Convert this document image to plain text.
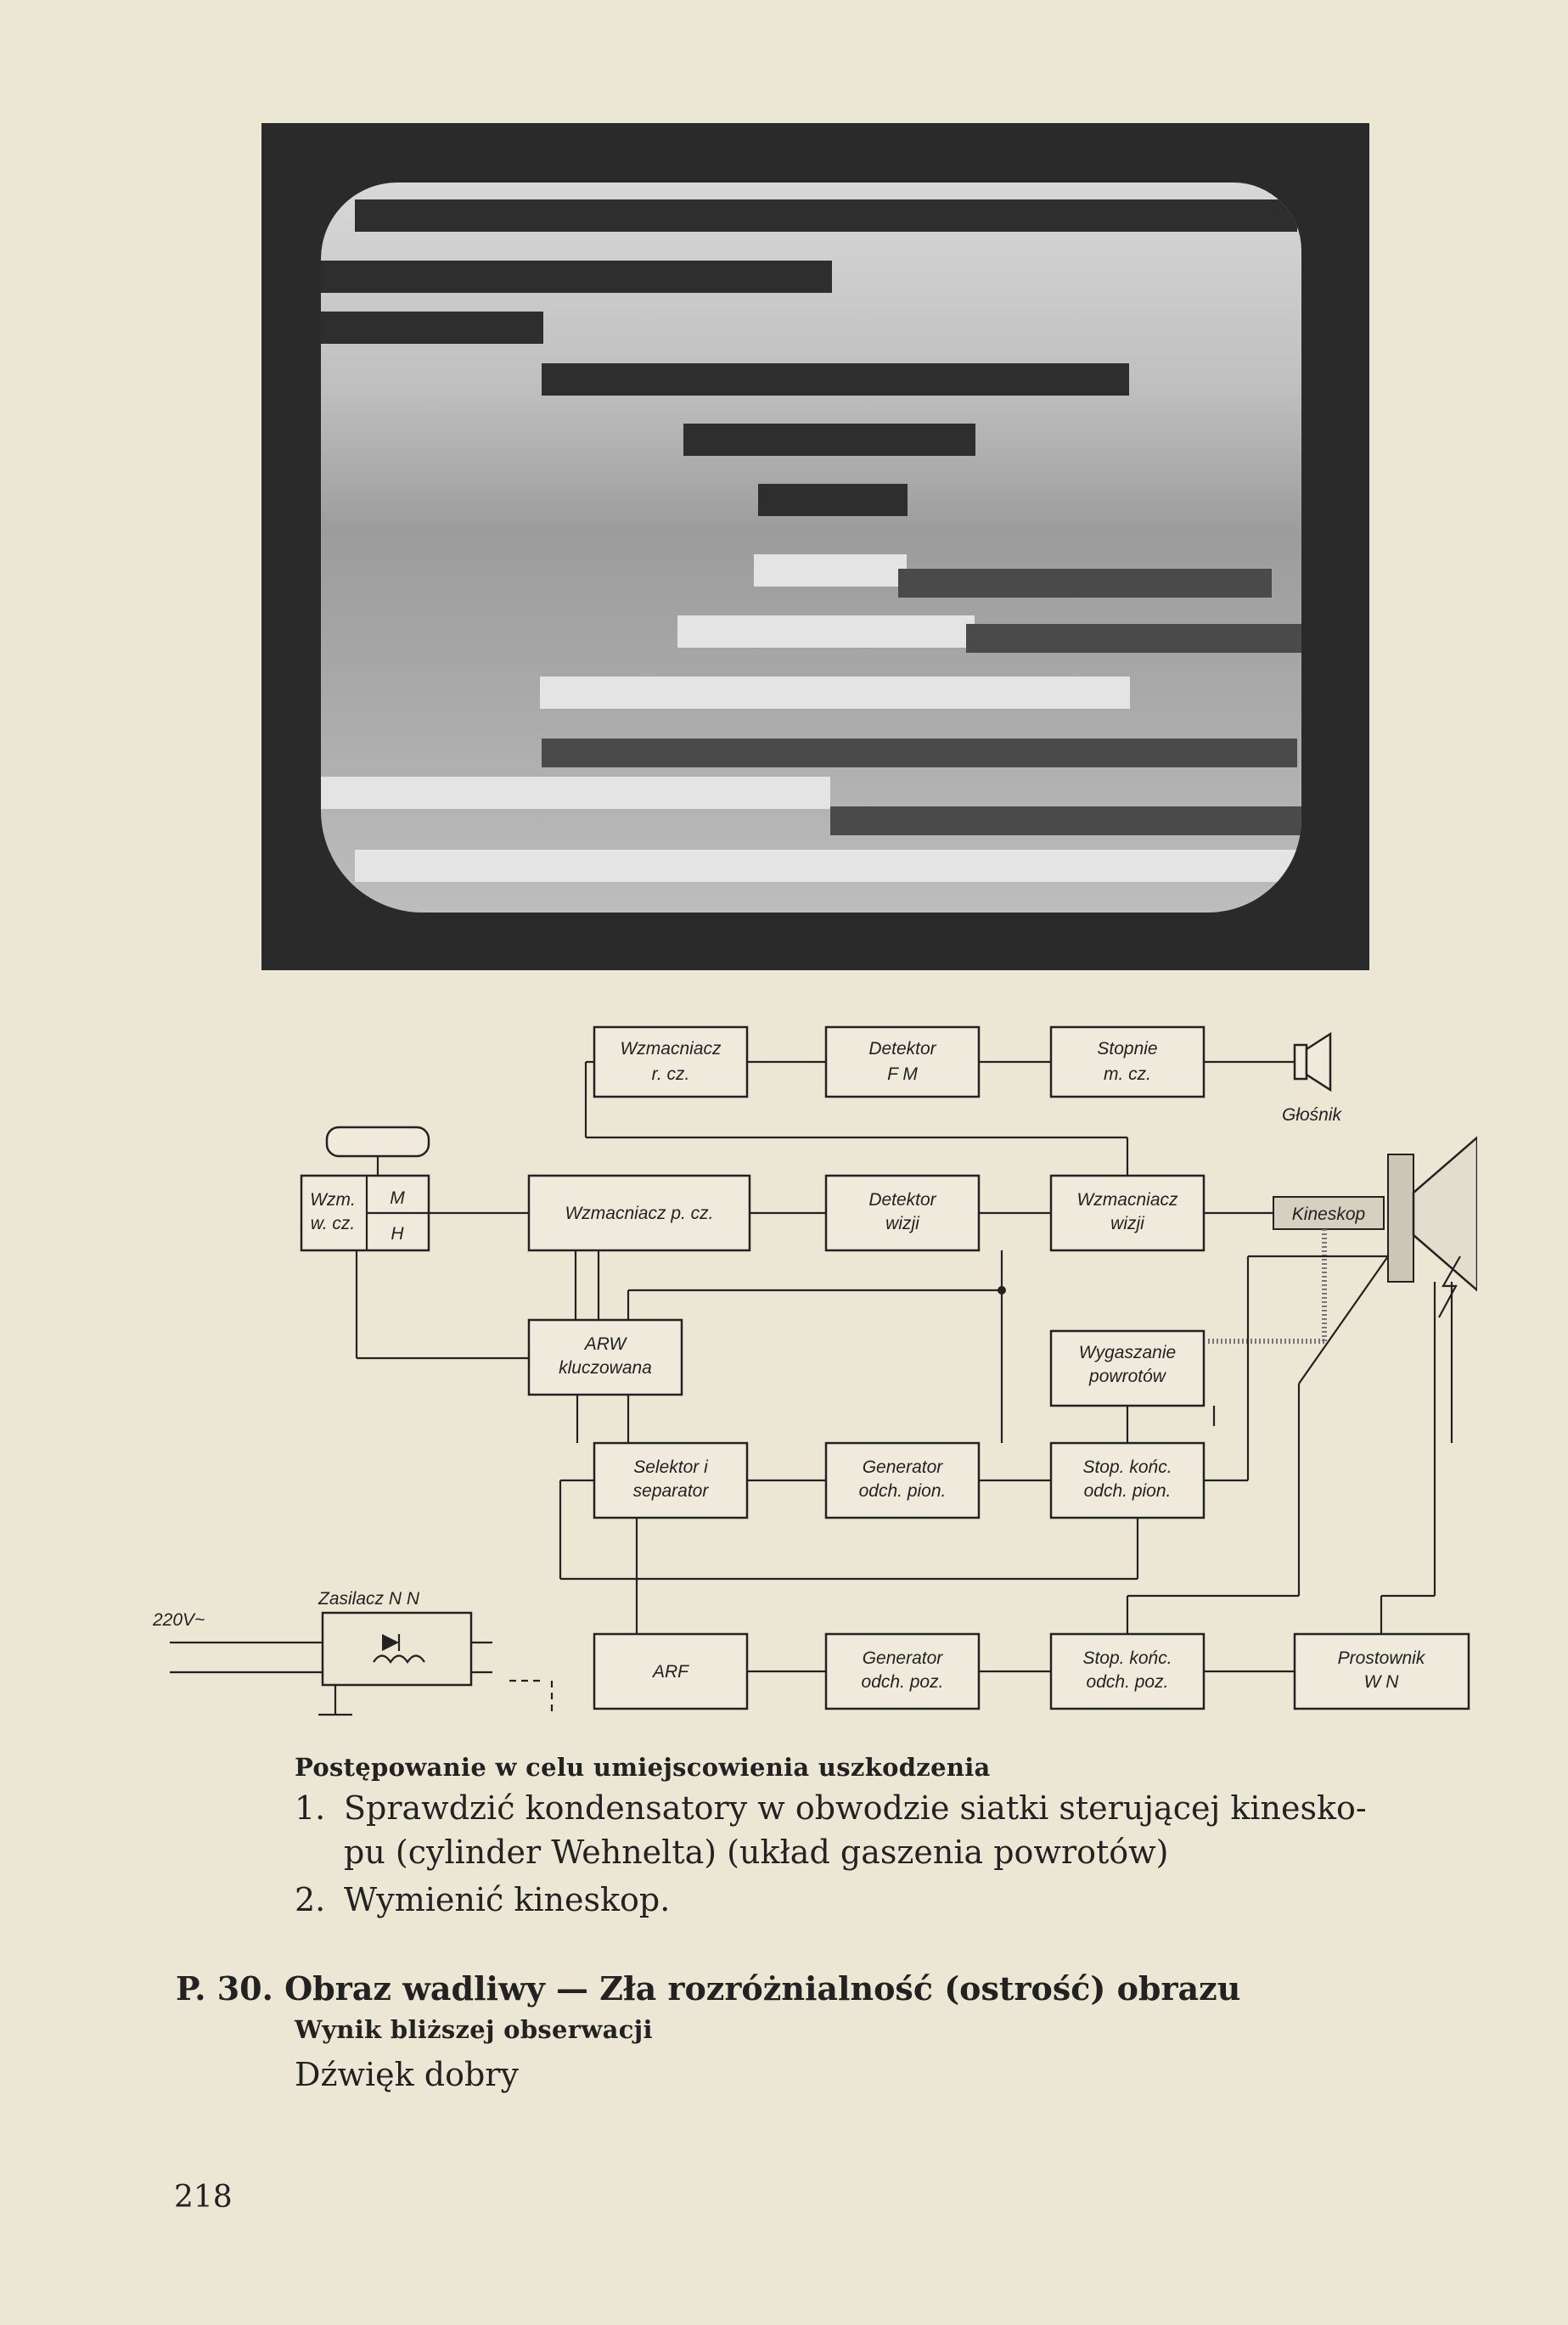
Wzmacniacz
r. cz.
Detektor
F M
Stopnie
m. cz.
Głośnik
Wzm.
w. cz.
M
H
Wzmacniacz p. cz.
Detektor
wizji
Wzmacniacz
wizji	Kineskop
ARW
kluczowana
Wygaszanie
powrotów
Selektor i
separator
Generator
odch. pion.
Stop. końc.
odch. pion.
220V~
Zasilacz N N
ARF
Generator
odch. poz.
Stop. końc.
odch. poz.
Prostownik
W N
Postępowanie w celu umiejscowienia uszkodzenia
1. Sprawdzić kondensatory w obwodzie siatki sterującej kinesko-
pu (cylinder Wehnelta) (układ gaszenia powrotów)
2. Wymienić kineskop.
P. 30. Obraz wadliwy — Zła rozróżnialność (ostrość) obrazu
Wynik bliższej obserwacji
Dźwięk dobry
218
